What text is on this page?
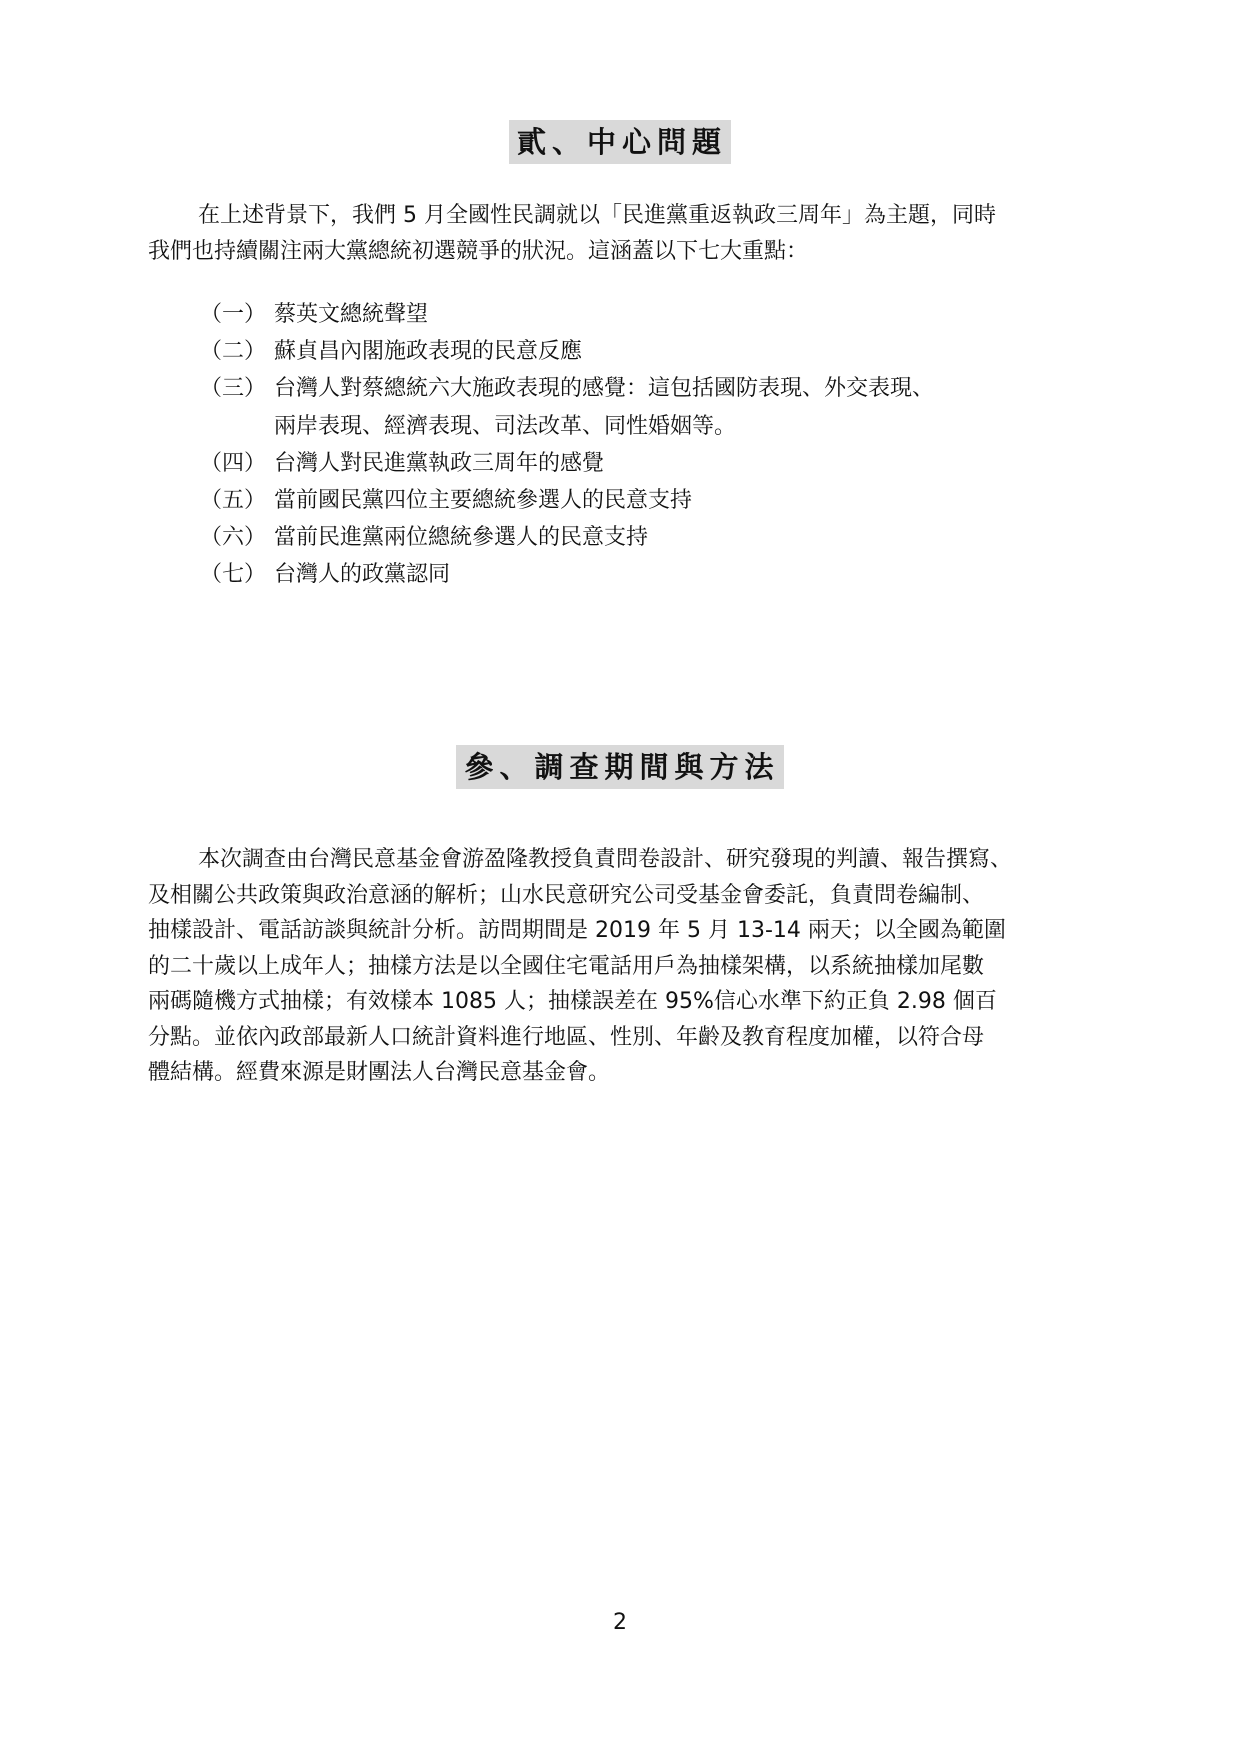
貳、中心問題

在上述背景下，我們 5 月全國性民調就以「民進黨重返執政三周年」為主題，同時
我們也持續關注兩大黨總統初選競爭的狀況。這涵蓋以下七大重點：

（一） 蔡英文總統聲望
（二） 蘇貞昌內閣施政表現的民意反應
（三） 台灣人對蔡總統六大施政表現的感覺：這包括國防表現、外交表現、
兩岸表現、經濟表現、司法改革、同性婚姻等。
（四） 台灣人對民進黨執政三周年的感覺
（五） 當前國民黨四位主要總統參選人的民意支持
（六） 當前民進黨兩位總統參選人的民意支持
（七） 台灣人的政黨認同
參、調查期間與方法

本次調查由台灣民意基金會游盈隆教授負責問卷設計、研究發現的判讀、報告撰寫、
及相關公共政策與政治意涵的解析；山水民意研究公司受基金會委託，負責問卷編制、
抽樣設計、電話訪談與統計分析。訪問期間是 2019 年 5 月 13-14 兩天；以全國為範圍
的二十歲以上成年人；抽樣方法是以全國住宅電話用戶為抽樣架構，以系統抽樣加尾數
兩碼隨機方式抽樣；有效樣本 1085 人；抽樣誤差在 95%信心水準下約正負 2.98 個百
分點。並依內政部最新人口統計資料進行地區、性別、年齡及教育程度加權，以符合母
體結構。經費來源是財團法人台灣民意基金會。

2
